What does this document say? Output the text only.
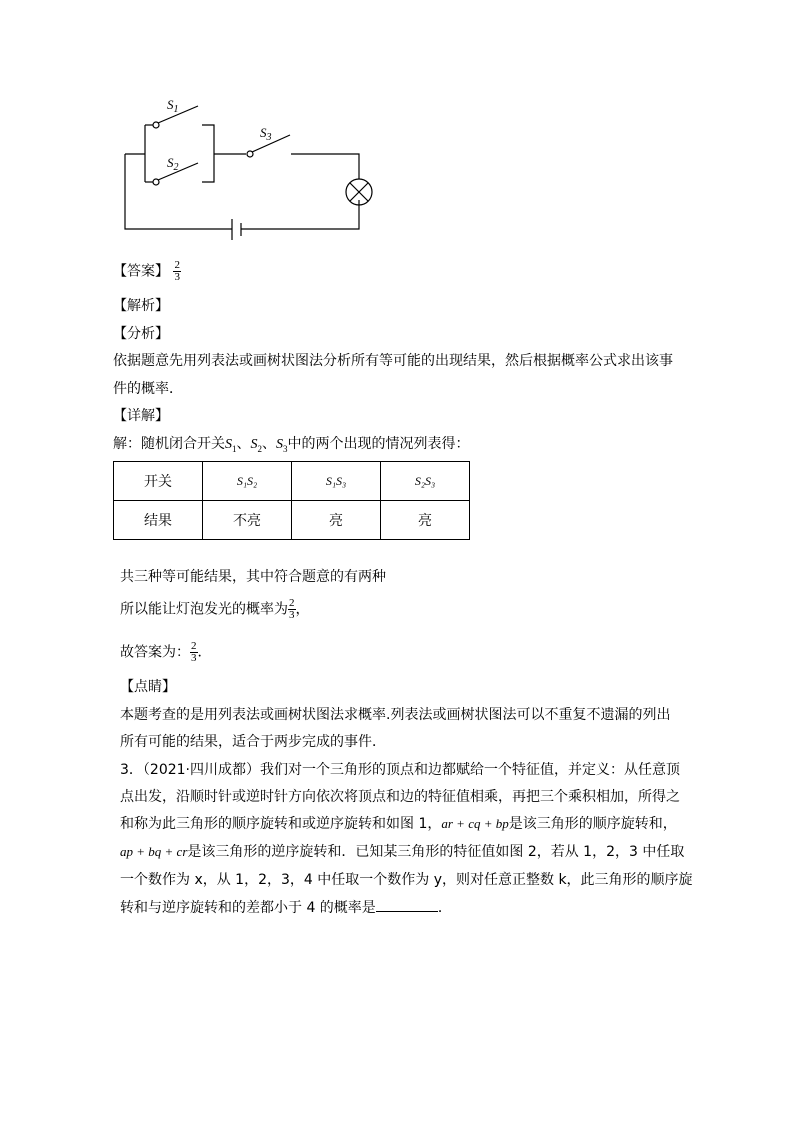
$S_1$
$S_2$
$S_3$
【答案】 $\frac{2}{3}$
【解析】
【分析】
依据题意先用列表法或画树状图法分析所有等可能的出现结果，然后根据概率公式求出该事
件的概率．
【详解】
解：随机闭合开关$S_1$、$S_2$、$S_3$中的两个出现的情况列表得：
开关	S₁S₂	S₁S₃	S₂S₃
结果	不亮	亮	亮
共三种等可能结果，其中符合题意的有两种
所以能让灯泡发光的概率为 $\frac{2}{3}$ ，
故答案为： $\frac{2}{3}$ ．
【点睛】
本题考查的是用列表法或画树状图法求概率.列表法或画树状图法可以不重复不遗漏的列出
所有可能的结果，适合于两步完成的事件．
3．（2021·四川成都）我们对一个三角形的顶点和边都赋给一个特征值，并定义：从任意顶
点出发，沿顺时针或逆时针方向依次将顶点和边的特征值相乘，再把三个乘积相加，所得之
和称为此三角形的顺序旋转和或逆序旋转和如图 1，ar + cq + bp是该三角形的顺序旋转和，
ap + bq + cr是该三角形的逆序旋转和．已知某三角形的特征值如图 2，若从 1，2，3 中任取
一个数作为 x，从 1，2，3，4 中任取一个数作为 y，则对任意正整数 k，此三角形的顺序旋
转和与逆序旋转和的差都小于 4 的概率是	．
